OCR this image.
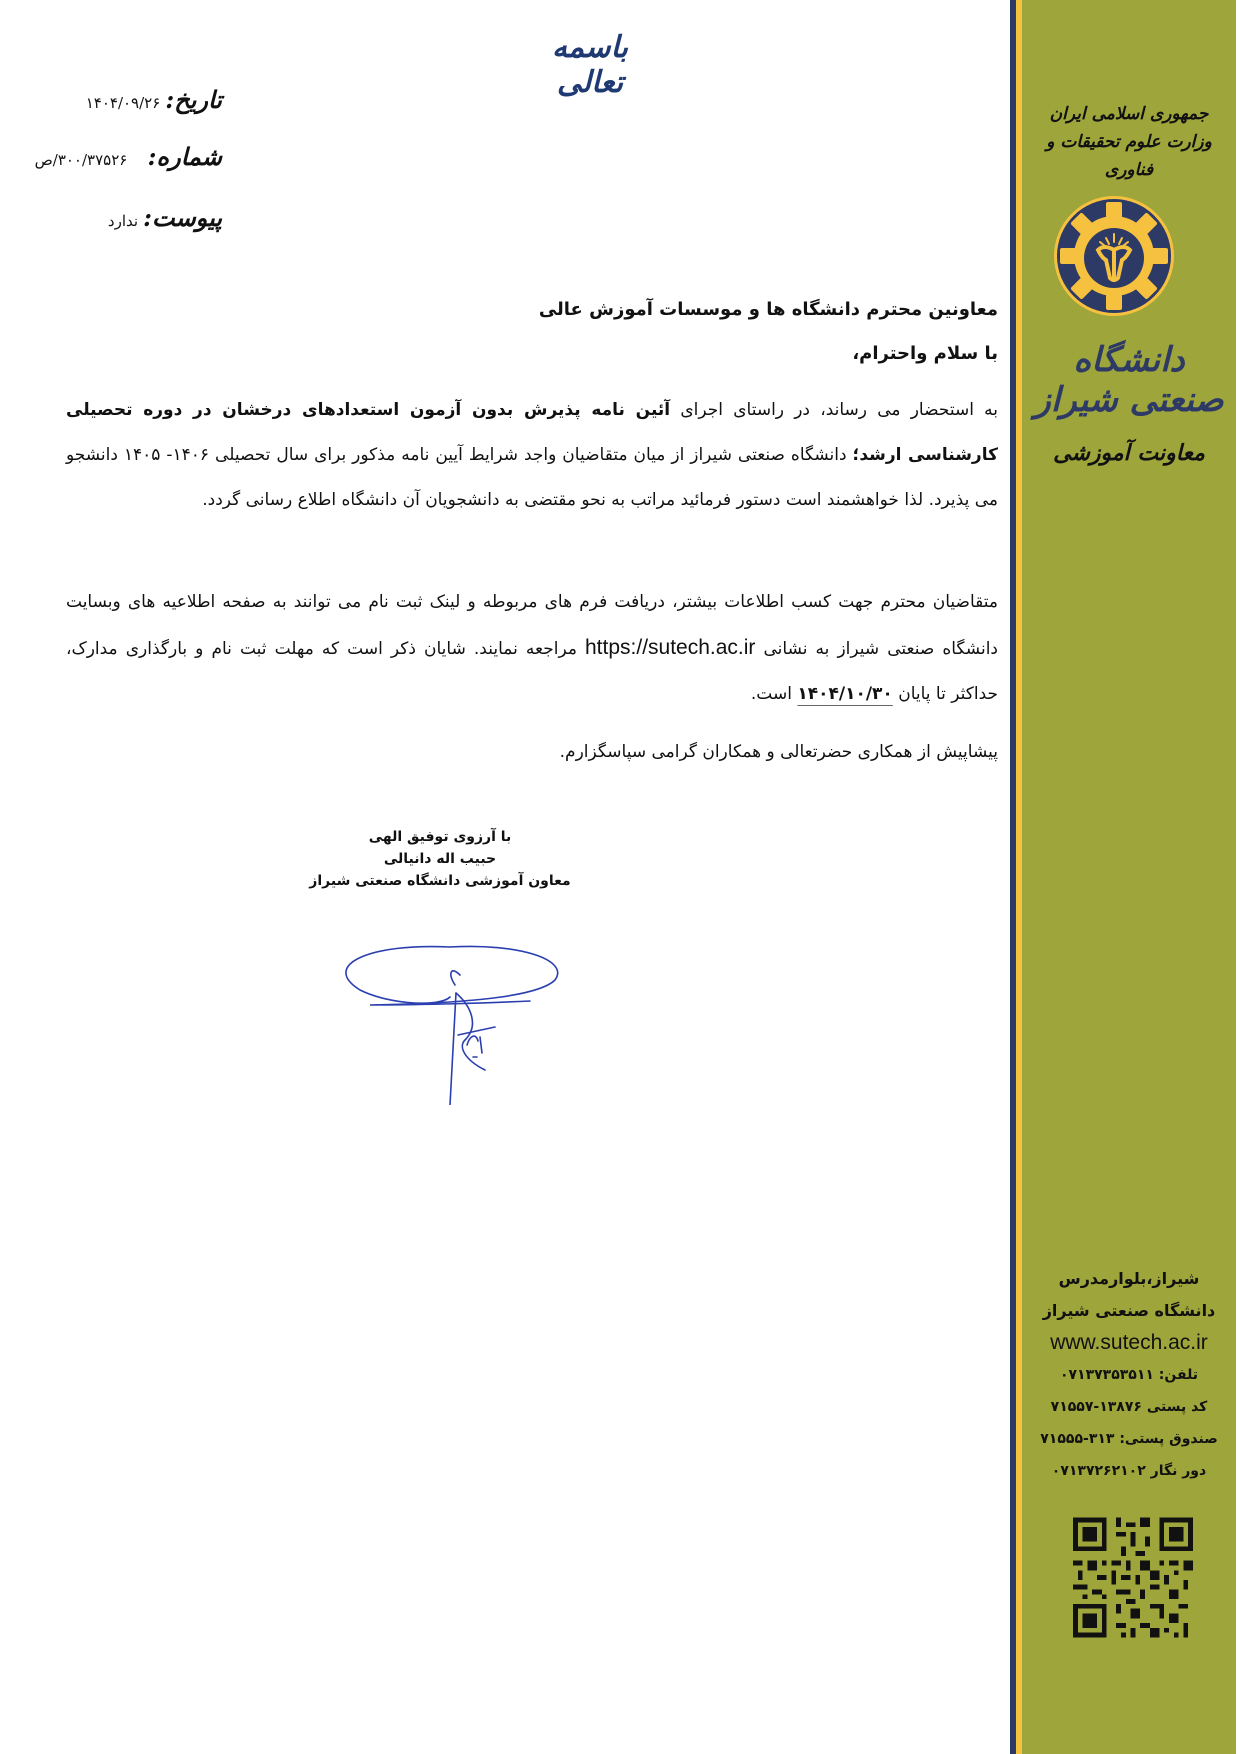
جمهوری اسلامی ایران
وزارت علوم تحقیقات و فناوری
دانشگاه صنعتی شیراز
معاونت آموزشی
شیراز،بلوارمدرس
دانشگاه صنعتی شیراز
www.sutech.ac.ir
تلفن: ۰۷۱۳۷۳۵۳۵۱۱
کد پستی ۱۳۸۷۶-۷۱۵۵۷
صندوق پستی: ۳۱۳-۷۱۵۵۵
دور نگار ۰۷۱۳۷۲۶۲۱۰۲
باسمه تعالی
تاریخ: ۱۴۰۴/۰۹/۲۶
شماره:    ۳۰۰/۳۷۵۲۶/ص
پیوست: ندارد
معاونین محترم دانشگاه ها و موسسات آموزش عالی
با سلام واحترام،

به استحضار می رساند، در راستای اجرای آئین نامه پذیرش بدون آزمون استعدادهای درخشان در دوره تحصیلی کارشناسی ارشد؛ دانشگاه صنعتی شیراز از میان متقاضیان واجد شرایط آیین نامه مذکور برای سال تحصیلی ۱۴۰۶- ۱۴۰۵ دانشجو می پذیرد. لذا خواهشمند است دستور فرمائید مراتب به نحو مقتضی به دانشجویان آن دانشگاه اطلاع رسانی گردد.

متقاضیان محترم جهت کسب اطلاعات بیشتر، دریافت فرم های مربوطه و لینک ثبت نام می توانند به صفحه اطلاعیه های وبسایت دانشگاه صنعتی شیراز به نشانی https://sutech.ac.ir مراجعه نمایند. شایان ذکر است که مهلت ثبت نام و بارگذاری مدارک، حداکثر تا پایان ۱۴۰۴/۱۰/۳۰ است.

پیشاپیش از همکاری حضرتعالی و همکاران گرامی سپاسگزارم.

با آرزوی توفیق الهی
حبیب اله دانیالی
معاون آموزشی دانشگاه صنعتی شیراز
